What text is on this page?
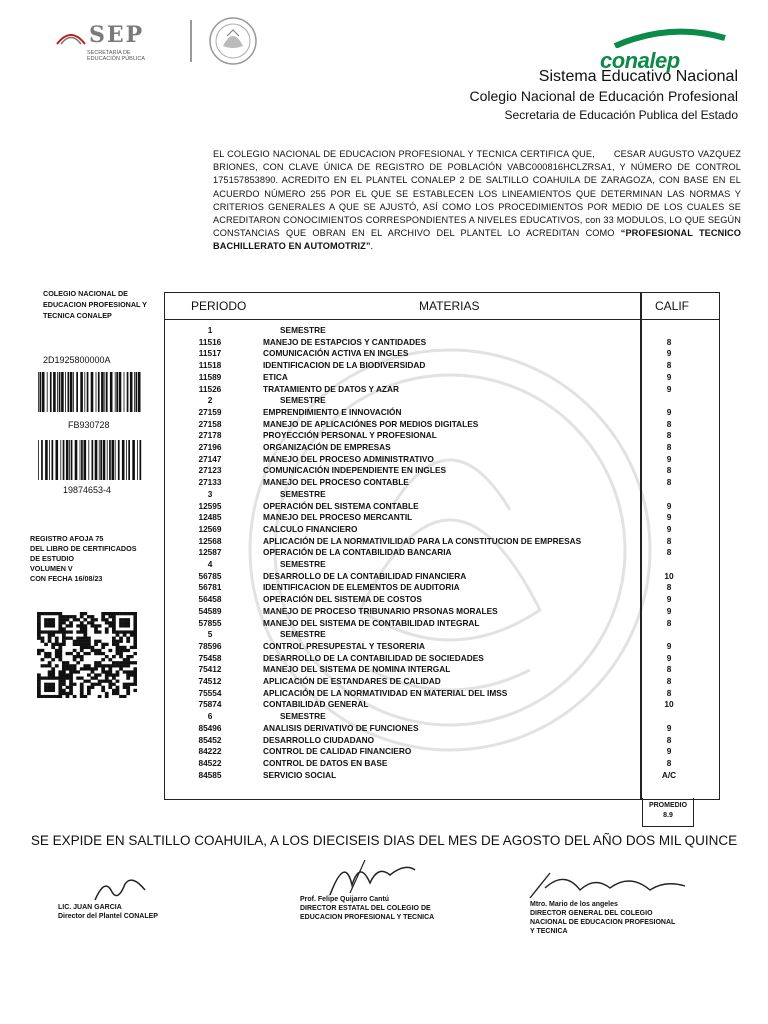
SEP
SECRETARÍA DE
EDUCACIÓN PÚBLICA	conalep
Sistema Educativo Nacional
Colegio Nacional de Educación Profesional
Secretaria de Educación Publica del Estado
EL COLEGIO NACIONAL DE EDUCACION PROFESIONAL Y TECNICA CERTIFICA QUE, CESAR AUGUSTO VAZQUEZ BRIONES, CON CLAVE ÚNICA DE REGISTRO DE POBLACIÓN VABC000816HCLZRSA1, Y NÚMERO DE CONTROL 175157853890. ACREDITO EN EL PLANTEL CONALEP 2 DE SALTILLO COAHUILA DE ZARAGOZA, CON BASE EN EL ACUERDO NÚMERO 255 POR EL QUE SE ESTABLECEN LOS LINEAMIENTOS QUE DETERMINAN LAS NORMAS Y CRITERIOS GENERALES A QUE SE AJUSTÓ, ASÍ COMO LOS PROCEDIMIENTOS POR MEDIO DE LOS CUALES SE ACREDITARON CONOCIMIENTOS CORRESPONDIENTES A NIVELES EDUCATIVOS, con 33 MODULOS, LO QUE SEGÚN CONSTANCIAS QUE OBRAN EN EL ARCHIVO DEL PLANTEL LO ACREDITAN COMO “PROFESIONAL TECNICO BACHILLERATO EN AUTOMOTRIZ”.
COLEGIO NACIONAL DE EDUCACION PROFESIONAL Y TECNICA CONALEP
2D1925800000A
FB930728
19874653-4
REGISTRO AFOJA 75
DEL LIBRO DE CERTIFICADOS
DE ESTUDIO
VOLUMEN V
CON FECHA 16/08/23
PERIODO	MATERIAS	CALIF
1	SEMESTRE
11516	MANEJO DE ESTAPCIOS Y CANTIDADES	8
11517	COMUNICACIÓN ACTIVA EN INGLES	9
11518	IDENTIFICACION DE LA BIODIVERSIDAD	8
11589	ETICA	9
11526	TRATAMIENTO DE DATOS Y AZAR	9
2	SEMESTRE
27159	EMPRENDIMIENTO E INNOVACIÓN	9
27158	MANEJO DE APLICACIÓNES POR MEDIOS DIGITALES	8
27178	PROYECCIÓN PERSONAL Y PROFESIONAL	8
27196	ORGANIZACIÓN DE EMPRESAS	8
27147	MANEJO DEL PROCESO ADMINISTRATIVO	9
27123	COMUNICACIÓN INDEPENDIENTE EN INGLES	8
27133	MANEJO DEL PROCESO CONTABLE	8
3	SEMESTRE
12595	OPERACIÓN DEL SISTEMA CONTABLE	9
12485	MANEJO DEL PROCESO MERCANTIL	9
12569	CALCULO FINANCIERO	9
12568	APLICACIÓN DE LA NORMATIVILIDAD PARA LA CONSTITUCION DE EMPRESAS	8
12587	OPERACIÓN DE LA CONTABILIDAD BANCARIA	8
4	SEMESTRE
56785	DESARROLLO DE LA CONTABILIDAD FINANCIERA	10
56781	IDENTIFICACION DE ELEMENTOS DE AUDITORIA	8
56458	OPERACIÓN DEL SISTEMA DE COSTOS	9
54589	MANEJO DE PROCESO TRIBUNARIO PRSONAS MORALES	9
57855	MANEJO DEL SISTEMA DE CONTABILIDAD INTEGRAL	8
5	SEMESTRE
78596	CONTROL PRESUPESTAL Y TESORERIA	9
75458	DESARROLLO DE LA CONTABILIDAD DE SOCIEDADES	9
75412	MANEJO DEL SISTEMA DE NOMINA INTERGAL	8
74512	APLICACIÓN DE ESTANDARES DE CALIDAD	8
75554	APLICACIÓN DE LA NORMATIVIDAD EN MATERIAL DEL IMSS	8
75874	CONTABILIDAD GENERAL	10
6	SEMESTRE
85496	ANALISIS DERIVATIVO DE FUNCIONES	9
85452	DESARROLLO CIUDADANO	8
84222	CONTROL DE CALIDAD FINANCIERO	9
84522	CONTROL DE DATOS EN BASE	8
84585	SERVICIO SOCIAL	A/C
PROMEDIO
8.9
SE EXPIDE EN SALTILLO COAHUILA, A LOS DIECISEIS DIAS DEL MES DE AGOSTO DEL AÑO DOS MIL QUINCE
LIC. JUAN GARCIA
Director del Plantel CONALEP
Prof. Felipe Quijarro Cantú
DIRECTOR ESTATAL DEL COLEGIO DE
EDUCACION PROFESIONAL Y TECNICA
Mtro. Mario de los angeles
DIRECTOR GENERAL DEL COLEGIO
NACIONAL DE EDUCACION PROFESIONAL
Y TECNICA
